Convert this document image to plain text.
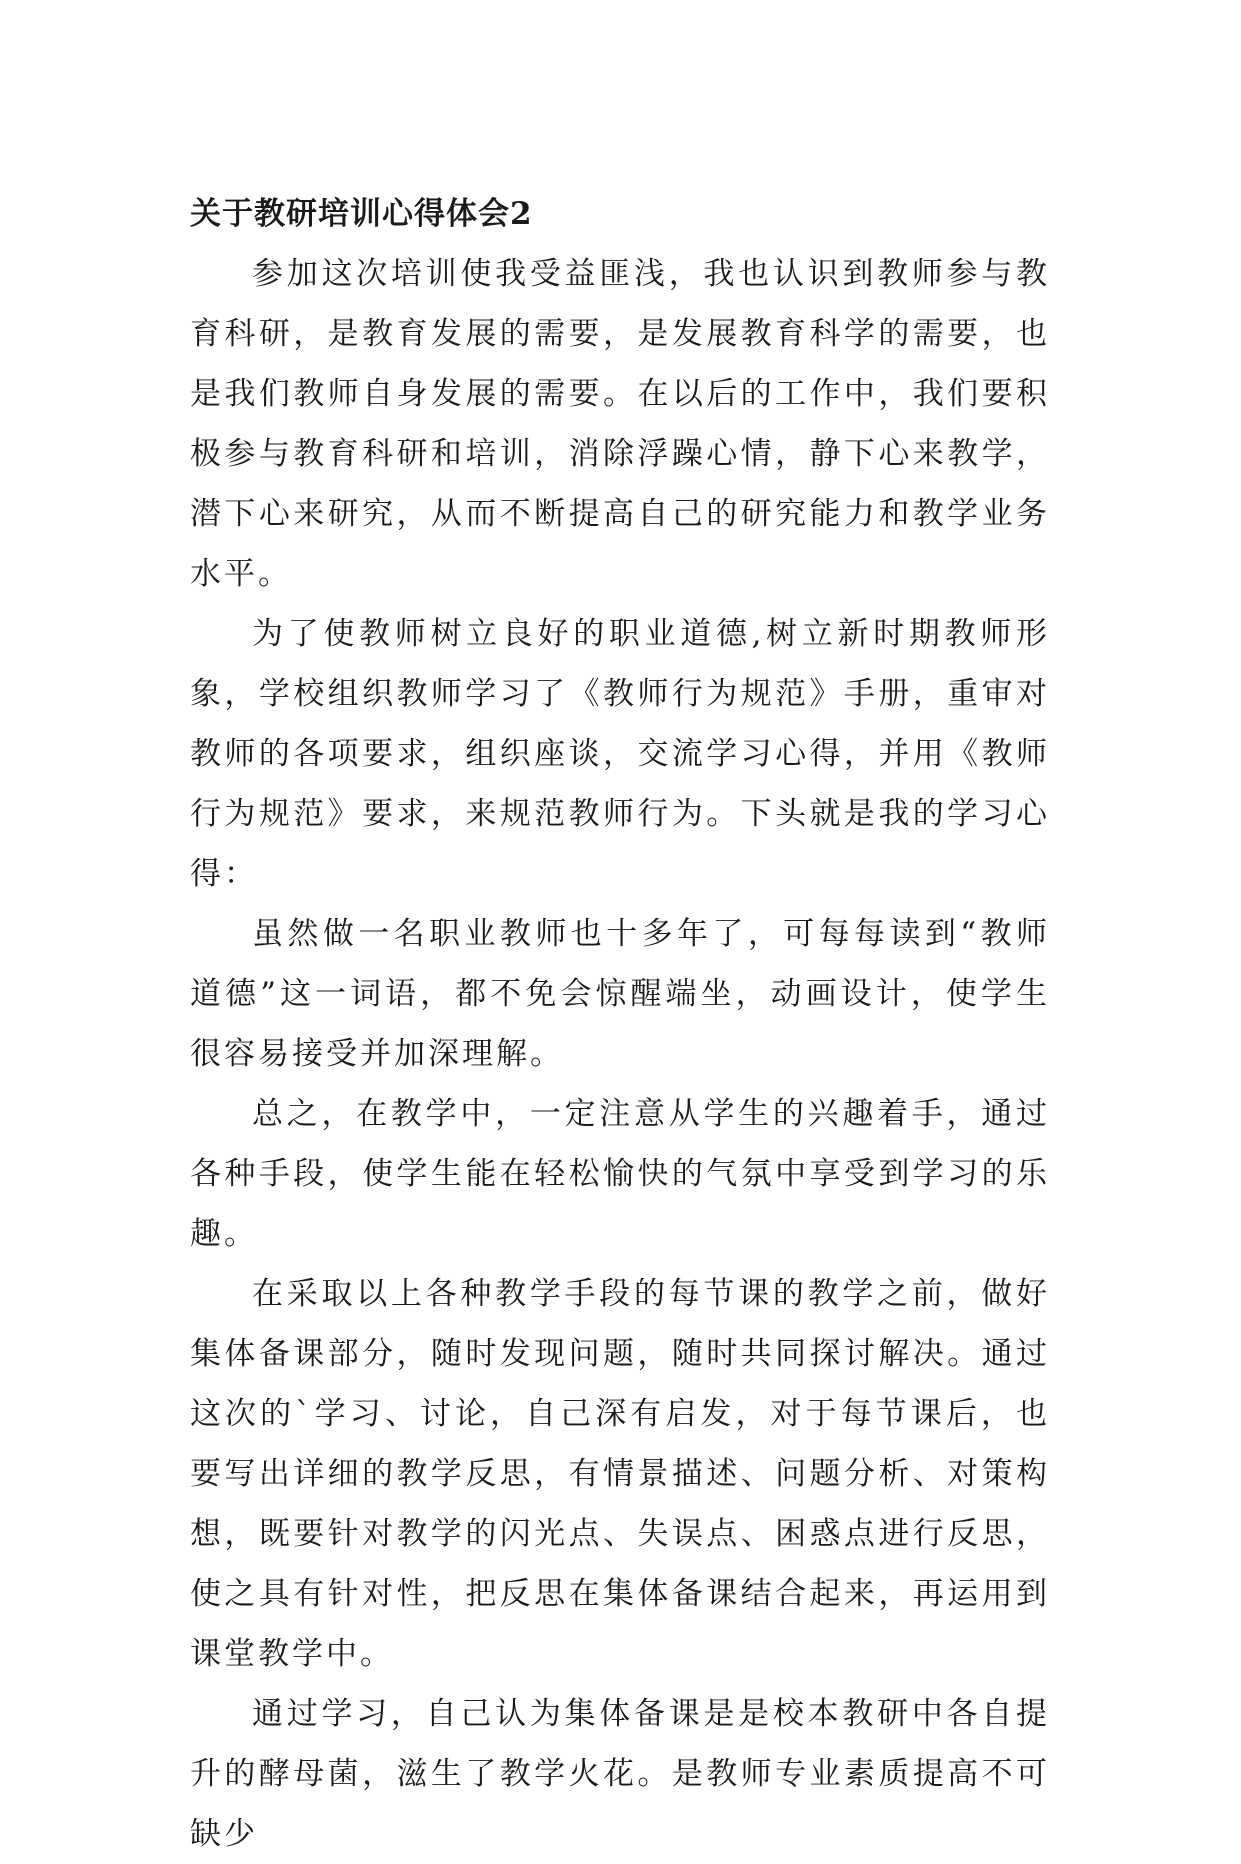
关于教研培训心得体会2

参加这次培训使我受益匪浅，我也认识到教师参与教育科研，是教育发展的需要，是发展教育科学的需要，也是我们教师自身发展的需要。在以后的工作中，我们要积极参与教育科研和培训，消除浮躁心情，静下心来教学，潜下心来研究，从而不断提高自己的研究能力和教学业务水平。

为了使教师树立良好的职业道德,树立新时期教师形象，学校组织教师学习了《教师行为规范》手册，重审对教师的各项要求，组织座谈，交流学习心得，并用《教师行为规范》要求，来规范教师行为。下头就是我的学习心得：

虽然做一名职业教师也十多年了，可每每读到“教师道德”这一词语，都不免会惊醒端坐，动画设计，使学生很容易接受并加深理解。

总之，在教学中，一定注意从学生的兴趣着手，通过各种手段，使学生能在轻松愉快的气氛中享受到学习的乐趣。

在采取以上各种教学手段的每节课的教学之前，做好集体备课部分，随时发现问题，随时共同探讨解决。通过这次的`学习、讨论，自己深有启发，对于每节课后，也要写出详细的教学反思，有情景描述、问题分析、对策构想，既要针对教学的闪光点、失误点、困惑点进行反思，使之具有针对性，把反思在集体备课结合起来，再运用到课堂教学中。

通过学习，自己认为集体备课是是校本教研中各自提升的酵母菌，滋生了教学火花。是教师专业素质提高不可缺少
